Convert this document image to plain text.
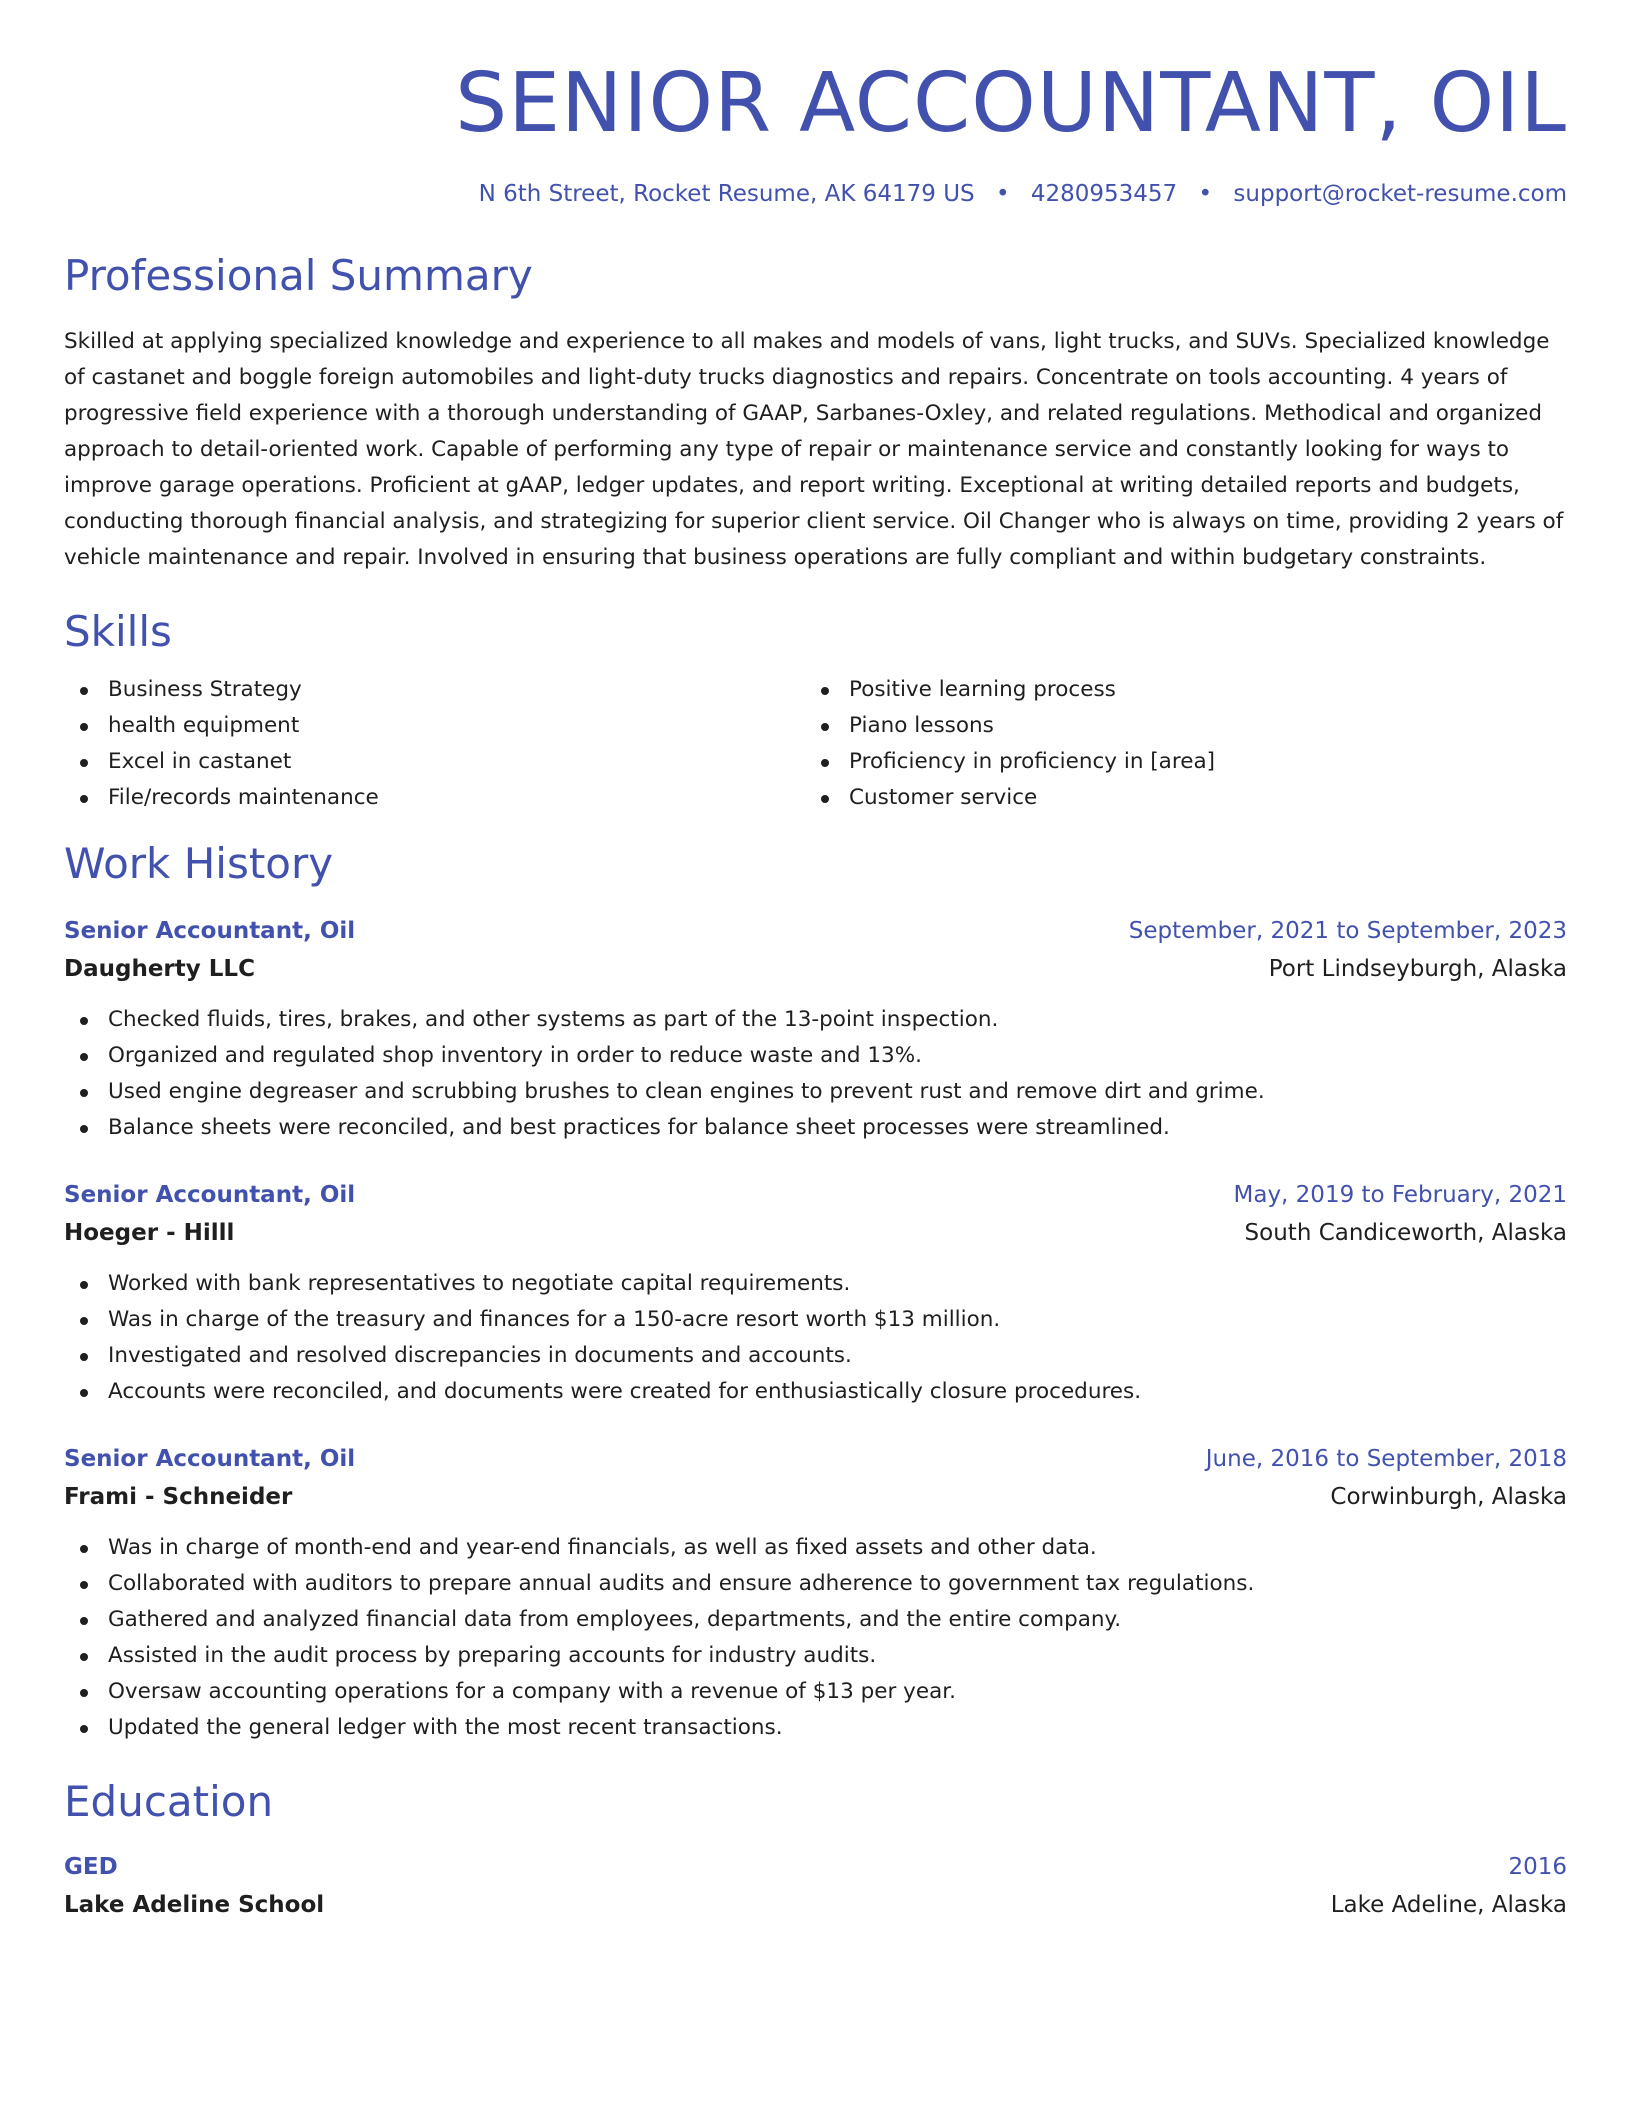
SENIOR ACCOUNTANT, OIL
N 6th Street, Rocket Resume, AK 64179 US • 4280953457 • support@rocket-resume.com
Professional Summary

Skilled at applying specialized knowledge and experience to all makes and models of vans, light trucks, and SUVs. Specialized knowledge of castanet and boggle foreign automobiles and light-duty trucks diagnostics and repairs. Concentrate on tools accounting. 4 years of progressive field experience with a thorough understanding of GAAP, Sarbanes-Oxley, and related regulations. Methodical and organized approach to detail-oriented work. Capable of performing any type of repair or maintenance service and constantly looking for ways to improve garage operations. Proficient at gAAP, ledger updates, and report writing. Exceptional at writing detailed reports and budgets, conducting thorough financial analysis, and strategizing for superior client service. Oil Changer who is always on time, providing 2 years of vehicle maintenance and repair. Involved in ensuring that business operations are fully compliant and within budgetary constraints.

Skills
Business Strategy
health equipment
Excel in castanet
File/records maintenance
Positive learning process
Piano lessons
Proficiency in proficiency in [area]
Customer service
Work History
Senior Accountant, Oil	September, 2021 to September, 2023
Daugherty LLC	Port Lindseyburgh, Alaska
Checked fluids, tires, brakes, and other systems as part of the 13-point inspection.
Organized and regulated shop inventory in order to reduce waste and 13%.
Used engine degreaser and scrubbing brushes to clean engines to prevent rust and remove dirt and grime.
Balance sheets were reconciled, and best practices for balance sheet processes were streamlined.
Senior Accountant, Oil	May, 2019 to February, 2021
Hoeger - Hilll	South Candiceworth, Alaska
Worked with bank representatives to negotiate capital requirements.
Was in charge of the treasury and finances for a 150-acre resort worth $13 million.
Investigated and resolved discrepancies in documents and accounts.
Accounts were reconciled, and documents were created for enthusiastically closure procedures.
Senior Accountant, Oil	June, 2016 to September, 2018
Frami - Schneider	Corwinburgh, Alaska
Was in charge of month-end and year-end financials, as well as fixed assets and other data.
Collaborated with auditors to prepare annual audits and ensure adherence to government tax regulations.
Gathered and analyzed financial data from employees, departments, and the entire company.
Assisted in the audit process by preparing accounts for industry audits.
Oversaw accounting operations for a company with a revenue of $13 per year.
Updated the general ledger with the most recent transactions.
Education
GED	2016
Lake Adeline School	Lake Adeline, Alaska
